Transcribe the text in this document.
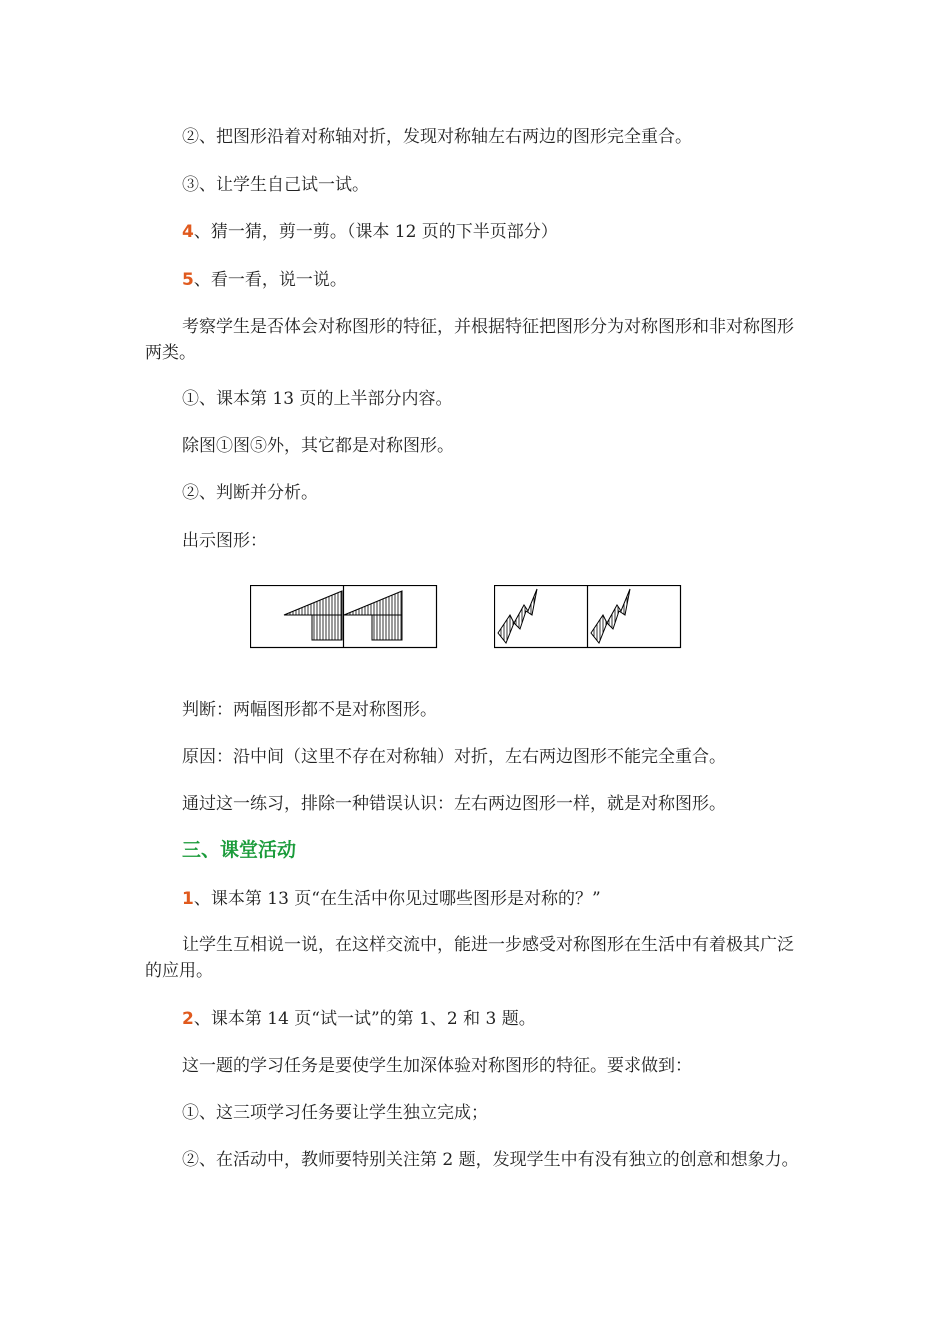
②、把图形沿着对称轴对折，发现对称轴左右两边的图形完全重合。

③、让学生自己试一试。

4、猜一猜，剪一剪。（课本 12 页的下半页部分）

5、看一看，说一说。

考察学生是否体会对称图形的特征，并根据特征把图形分为对称图形和非对称图形两类。

①、课本第 13 页的上半部分内容。

除图①图⑤外，其它都是对称图形。

②、判断并分析。

出示图形：

判断：两幅图形都不是对称图形。

原因：沿中间（这里不存在对称轴）对折，左右两边图形不能完全重合。

通过这一练习，排除一种错误认识：左右两边图形一样，就是对称图形。

三、课堂活动

1、课本第 13 页“在生活中你见过哪些图形是对称的？”

让学生互相说一说，在这样交流中，能进一步感受对称图形在生活中有着极其广泛的应用。

2、课本第 14 页“试一试”的第 1、2 和 3 题。

这一题的学习任务是要使学生加深体验对称图形的特征。要求做到：

①、这三项学习任务要让学生独立完成；

②、在活动中，教师要特别关注第 2 题，发现学生中有没有独立的创意和想象力。
